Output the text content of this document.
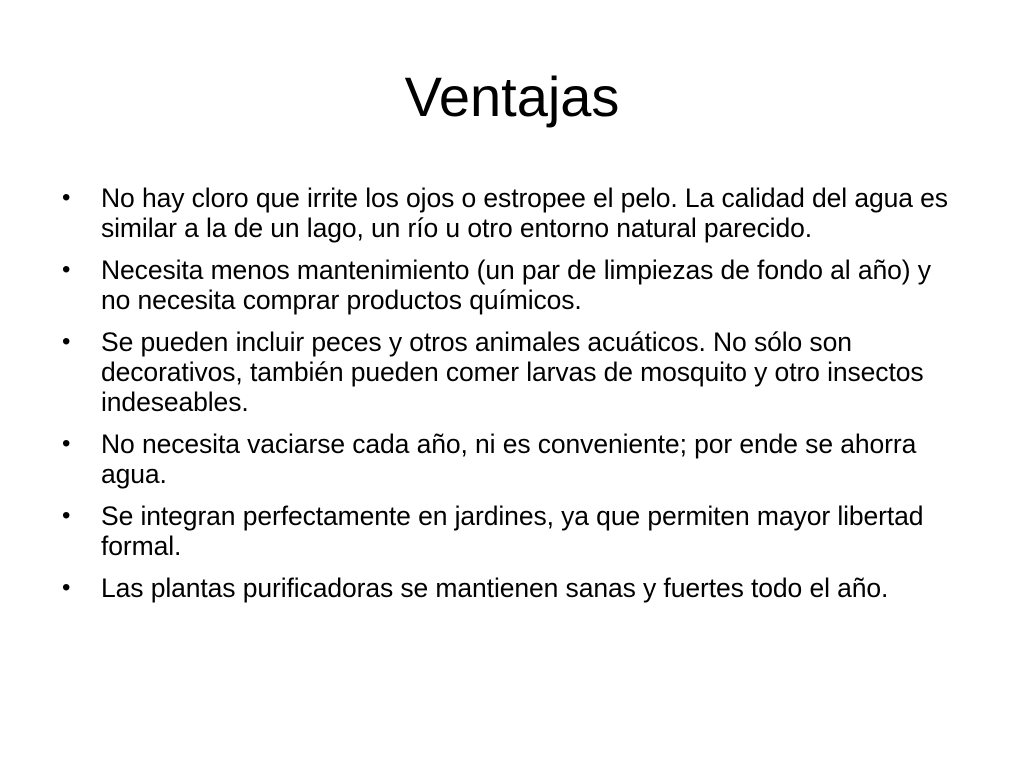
Ventajas
•	No hay cloro que irrite los ojos o estropee el pelo. La calidad del agua es similar a la de un lago, un río u otro entorno natural parecido.
•	Necesita menos mantenimiento (un par de limpiezas de fondo al año) y no necesita comprar productos químicos.
•	Se pueden incluir peces y otros animales acuáticos. No sólo son decorativos, también pueden comer larvas de mosquito y otro insectos indeseables.
•	No necesita vaciarse cada año, ni es conveniente; por ende se ahorra agua.
•	Se integran perfectamente en jardines, ya que permiten mayor libertad formal.
•	Las plantas purificadoras se mantienen sanas y fuertes todo el año.
